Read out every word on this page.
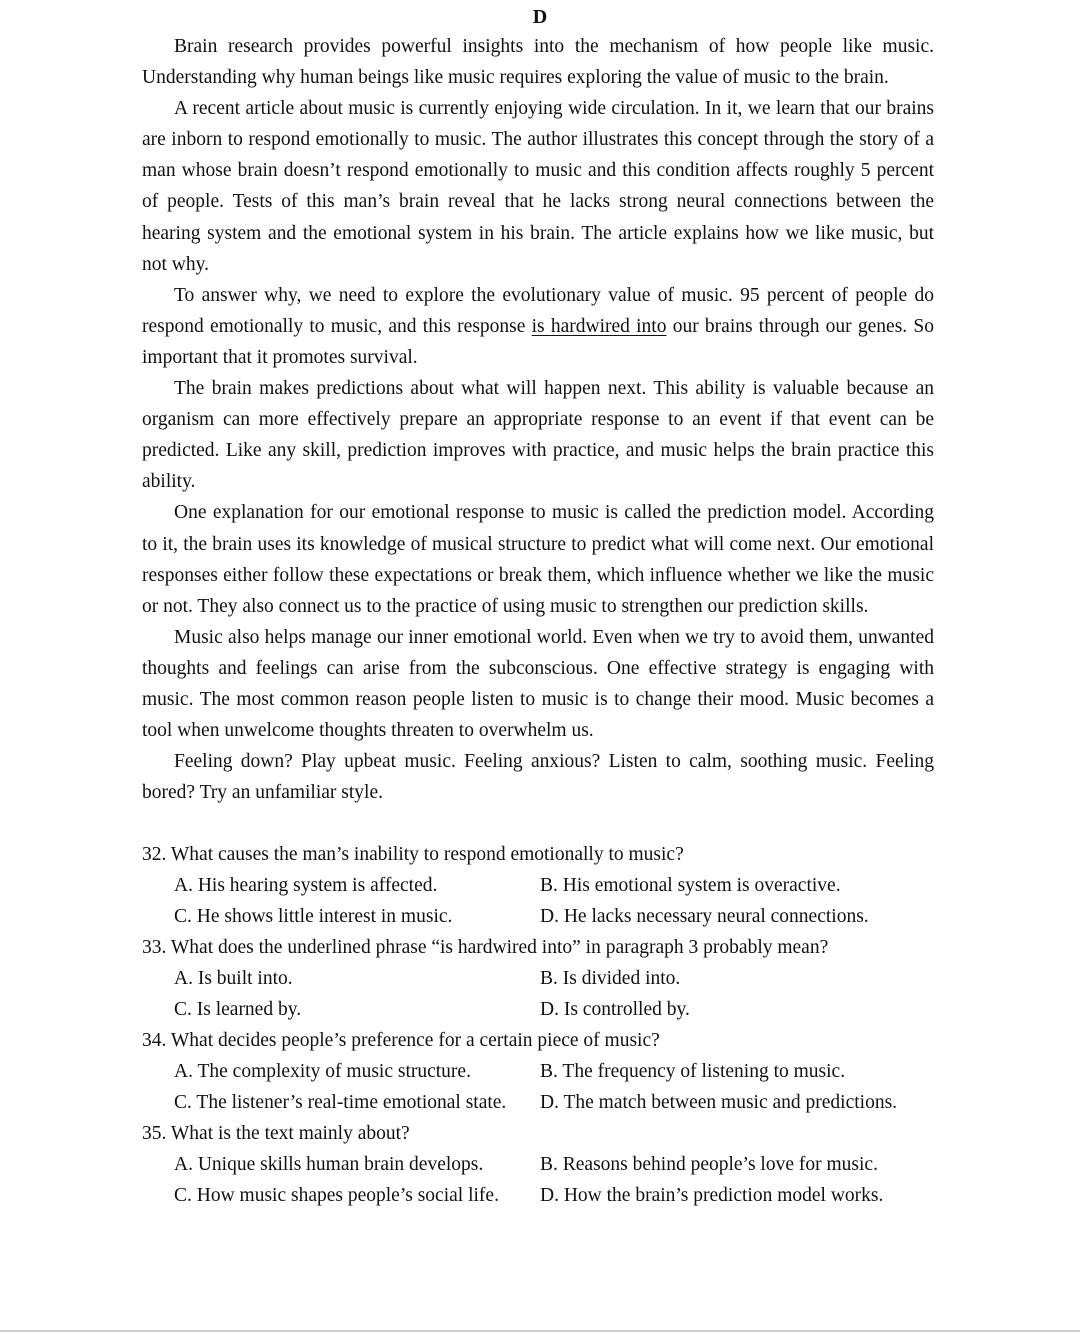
D

Brain research provides powerful insights into the mechanism of how people like music. Understanding why human beings like music requires exploring the value of music to the brain.

A recent article about music is currently enjoying wide circulation. In it, we learn that our brains are inborn to respond emotionally to music. The author illustrates this concept through the story of a man whose brain doesn’t respond emotionally to music and this condition affects roughly 5 percent of people. Tests of this man’s brain reveal that he lacks strong neural connections between the hearing system and the emotional system in his brain. The article explains how we like music, but not why.

To answer why, we need to explore the evolutionary value of music. 95 percent of people do respond emotionally to music, and this response is hardwired into our brains through our genes. So important that it promotes survival.

The brain makes predictions about what will happen next. This ability is valuable because an organism can more effectively prepare an appropriate response to an event if that event can be predicted. Like any skill, prediction improves with practice, and music helps the brain practice this ability.

One explanation for our emotional response to music is called the prediction model. According to it, the brain uses its knowledge of musical structure to predict what will come next. Our emotional responses either follow these expectations or break them, which influence whether we like the music or not. They also connect us to the practice of using music to strengthen our prediction skills.

Music also helps manage our inner emotional world. Even when we try to avoid them, unwanted thoughts and feelings can arise from the subconscious. One effective strategy is engaging with music. The most common reason people listen to music is to change their mood. Music becomes a tool when unwelcome thoughts threaten to overwhelm us.

Feeling down? Play upbeat music. Feeling anxious? Listen to calm, soothing music. Feeling bored? Try an unfamiliar style.

32. What causes the man’s inability to respond emotionally to music?
A. His hearing system is affected.	B. His emotional system is overactive.
C. He shows little interest in music.	D. He lacks necessary neural connections.
33. What does the underlined phrase “is hardwired into” in paragraph 3 probably mean?
A. Is built into.	B. Is divided into.
C. Is learned by.	D. Is controlled by.
34. What decides people’s preference for a certain piece of music?
A. The complexity of music structure.	B. The frequency of listening to music.
C. The listener’s real-time emotional state.	D. The match between music and predictions.
35. What is the text mainly about?
A. Unique skills human brain develops.	B. Reasons behind people’s love for music.
C. How music shapes people’s social life.	D. How the brain’s prediction model works.
